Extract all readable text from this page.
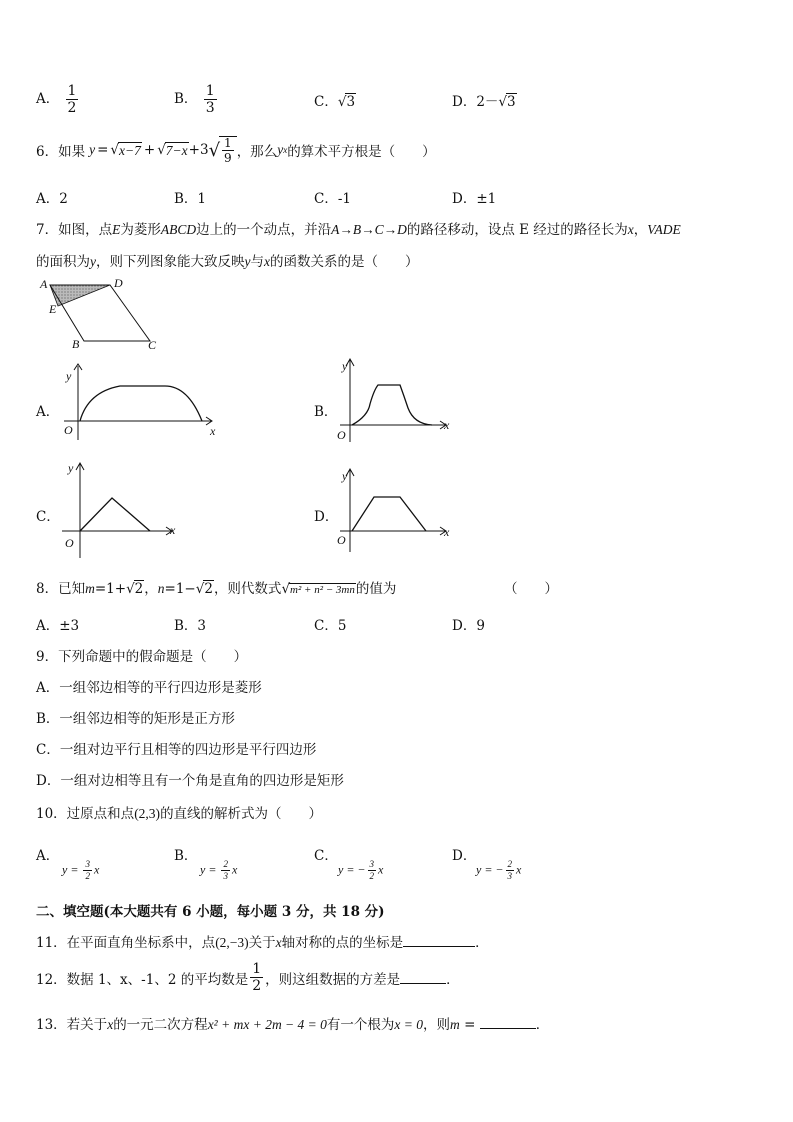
A． $\frac{1}{2}$	B． $\frac{1}{3}$	C．√3	D．2－√3
6．如果 y = √ x−7 + √ 7−x +3 √ $\frac{1}{9}$ ，那么 y x 的算术平方根是（　　）
A．2	B．1	C．-1	D．±1
7．如图，点E为菱形ABCD边上的一个动点，并沿A→B→C→D的路径移动，设点 E 经过的路径长为x，VADE
的面积为y，则下列图象能大致反映y与x的函数关系的是（　　）
A	D
E
B	C
A．
y
x
O
B．
y
x
O
C．
y
x
O
D．
y
x
O
8．已知m=1+√2，n=1−√2，则代数式√m² + n² − 3mn的值为	（　　）
A．±3	B．3	C．5	D．9
9．下列命题中的假命题是（　　）
A．一组邻边相等的平行四边形是菱形
B．一组邻边相等的矩形是正方形
C．一组对边平行且相等的四边形是平行四边形
D．一组对边相等且有一个角是直角的四边形是矩形
10．过原点和点(2,3)的直线的解析式为（　　）
A．
$y = \frac{3}{2}$ x
B．
$y = \frac{2}{3}$ x
C．
y = − $\frac{3}{2}$ x
D．
y = − $\frac{2}{3}$ x
二、填空题(本大题共有 6 小题，每小题 3 分，共 18 分)
11．在平面直角坐标系中，点(2,−3)关于x轴对称的点的坐标是	．
12．数据 1、x、-1、2 的平均数是 $\frac{1}{2}$ ，则这组数据的方差是	．
13．若关于x的一元二次方程x² + mx + 2m − 4 = 0有一个根为x = 0，则m =	．
